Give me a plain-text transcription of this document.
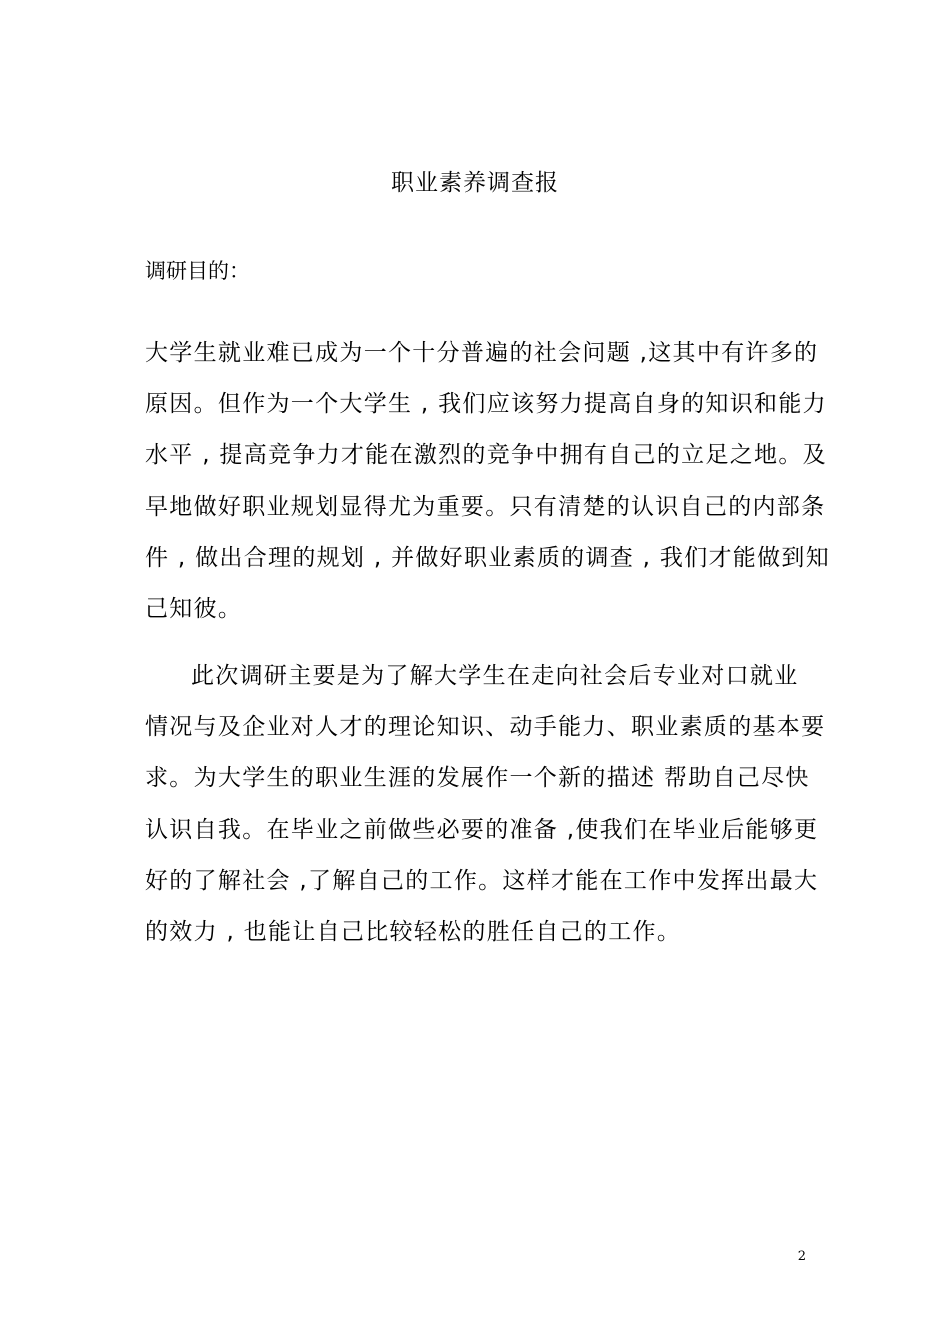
职业素养调查报
调研目的：
大学生就业难已成为一个十分普遍的社会问题 ,这其中有许多的
原因。但作为一个大学生 , 我们应该努力提高自身的知识和能力
水平 , 提高竞争力才能在激烈的竞争中拥有自己的立足之地。及
早地做好职业规划显得尤为重要。只有清楚的认识自己的内部条
件 , 做出合理的规划 , 并做好职业素质的调查 , 我们才能做到知
己知彼。
此次调研主要是为了解大学生在走向社会后专业对口就业
情况与及企业对人才的理论知识、动手能力、职业素质的基本要
求。为大学生的职业生涯的发展作一个新的描述 帮助自己尽快
认识自我。在毕业之前做些必要的准备 ,使我们在毕业后能够更
好的了解社会 ,了解自己的工作。这样才能在工作中发挥出最大
的效力 , 也能让自己比较轻松的胜任自己的工作。
2
